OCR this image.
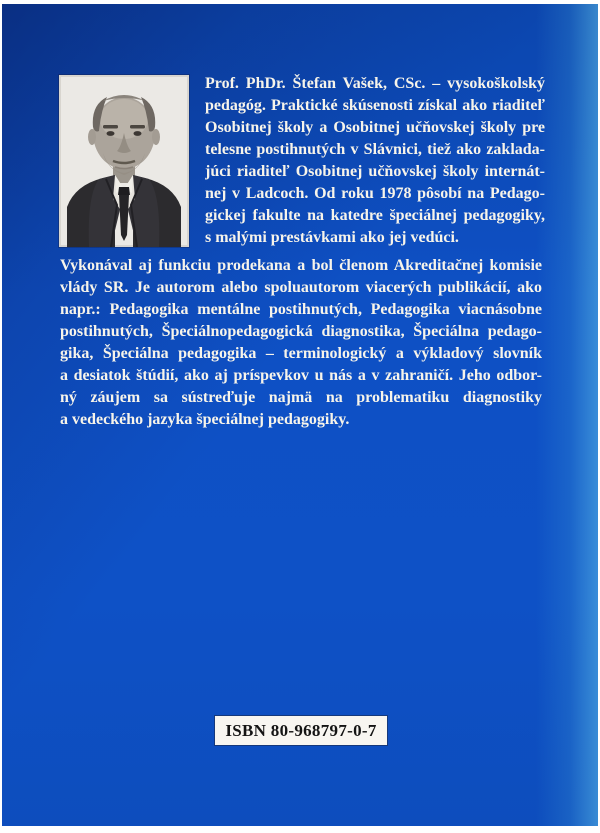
Prof. PhDr. Štefan Vašek, CSc. – vysokoškolský
pedagóg. Praktické skúsenosti získal ako riaditeľ
Osobitnej školy a Osobitnej učňovskej školy pre
telesne postihnutých v Slávnici, tiež ako zaklada-
júci riaditeľ Osobitnej učňovskej školy internát-
nej v Ladcoch. Od roku 1978 pôsobí na Pedago-
gickej fakulte na katedre špeciálnej pedagogiky,
s malými prestávkami ako jej vedúci.
Vykonával aj funkciu prodekana a bol členom Akreditačnej komisie
vlády SR. Je autorom alebo spoluautorom viacerých publikácií, ako
napr.: Pedagogika mentálne postihnutých, Pedagogika viacnásobne
postihnutých, Špeciálnopedagogická diagnostika, Špeciálna pedago-
gika, Špeciálna pedagogika – terminologický a výkladový slovník
a desiatok štúdií, ako aj príspevkov u nás a v zahraničí. Jeho odbor-
ný záujem sa sústreďuje najmä na problematiku diagnostiky
a vedeckého jazyka špeciálnej pedagogiky.
ISBN 80-968797-0-7
